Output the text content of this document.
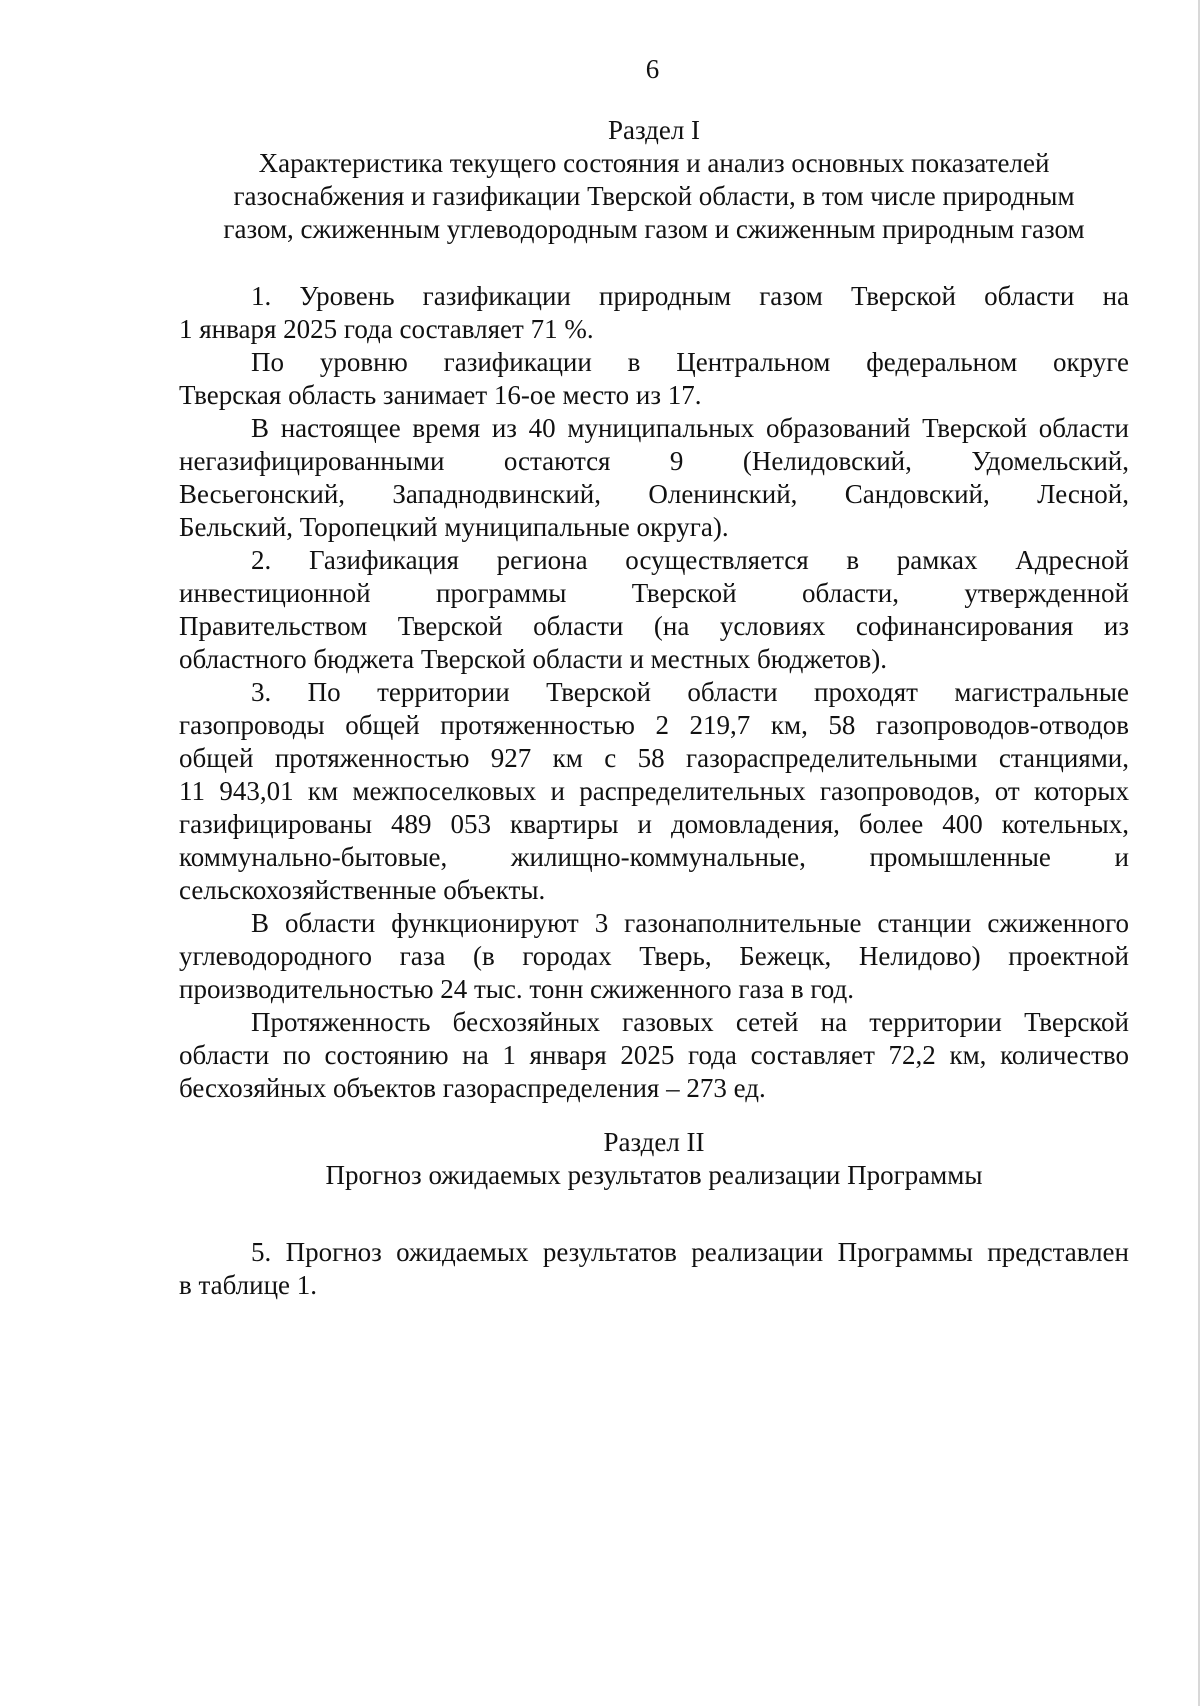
6

Раздел I

Характеристика текущего состояния и анализ основных показателей

газоснабжения и газификации Тверской области, в том числе природным

газом, сжиженным углеводородным газом и сжиженным природным газом

1. Уровень газификации природным газом Тверской области на
1 января 2025 года составляет 71 %.
По уровню газификации в Центральном федеральном округе
Тверская область занимает 16-ое место из 17.
В настоящее время из 40 муниципальных образований Тверской области
негазифицированными остаются 9 (Нелидовский, Удомельский,
Весьегонский, Западнодвинский, Оленинский, Сандовский, Лесной,
Бельский, Торопецкий муниципальные округа).
2. Газификация региона осуществляется в рамках Адресной
инвестиционной программы Тверской области, утвержденной
Правительством Тверской области (на условиях софинансирования из
областного бюджета Тверской области и местных бюджетов).
3. По территории Тверской области проходят магистральные
газопроводы общей протяженностью 2 219,7 км, 58 газопроводов-отводов
общей протяженностью 927 км с 58 газораспределительными станциями,
11 943,01 км межпоселковых и распределительных газопроводов, от которых
газифицированы 489 053 квартиры и домовладения, более 400 котельных,
коммунально-бытовые, жилищно-коммунальные, промышленные и
сельскохозяйственные объекты.
В области функционируют 3 газонаполнительные станции сжиженного
углеводородного газа (в городах Тверь, Бежецк, Нелидово) проектной
производительностью 24 тыс. тонн сжиженного газа в год.
Протяженность бесхозяйных газовых сетей на территории Тверской
области по состоянию на 1 января 2025 года составляет 72,2 км, количество
бесхозяйных объектов газораспределения – 273 ед.

Раздел II

Прогноз ожидаемых результатов реализации Программы

5. Прогноз ожидаемых результатов реализации Программы представлен
в таблице 1.
